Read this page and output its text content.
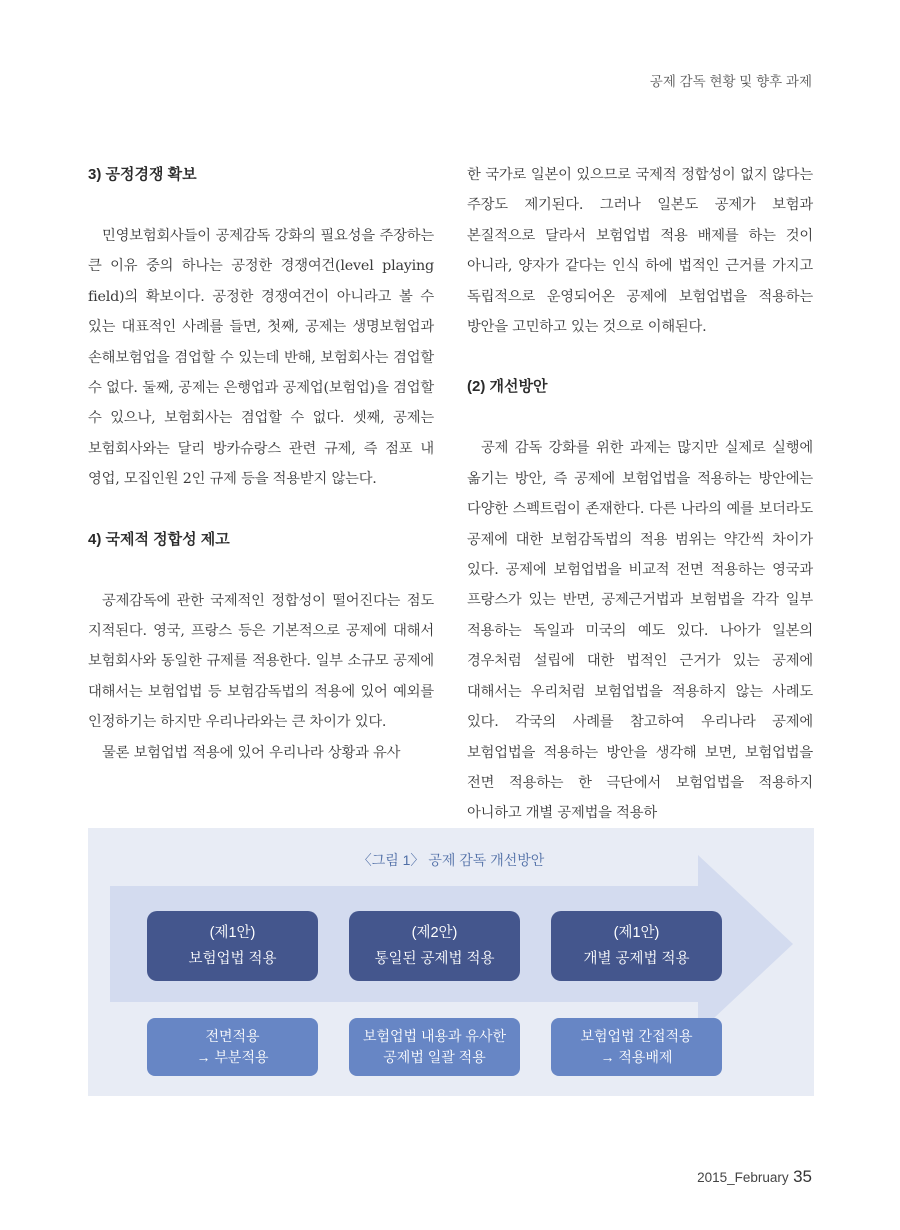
공제 감독 현황 및 향후 과제
3) 공정경쟁 확보

민영보험회사들이 공제감독 강화의 필요성을 주장하는 큰 이유 중의 하나는 공정한 경쟁여건(level playing field)의 확보이다. 공정한 경쟁여건이 아니라고 볼 수 있는 대표적인 사례를 들면, 첫째, 공제는 생명보험업과 손해보험업을 겸업할 수 있는데 반해, 보험회사는 겸업할 수 없다. 둘째, 공제는 은행업과 공제업(보험업)을 겸업할 수 있으나, 보험회사는 겸업할 수 없다. 셋째, 공제는 보험회사와는 달리 방카슈랑스 관련 규제, 즉 점포 내 영업, 모집인원 2인 규제 등을 적용받지 않는다.

4) 국제적 정합성 제고

공제감독에 관한 국제적인 정합성이 떨어진다는 점도 지적된다. 영국, 프랑스 등은 기본적으로 공제에 대해서 보험회사와 동일한 규제를 적용한다. 일부 소규모 공제에 대해서는 보험업법 등 보험감독법의 적용에 있어 예외를 인정하기는 하지만 우리나라와는 큰 차이가 있다.

물론 보험업법 적용에 있어 우리나라 상황과 유사

한 국가로 일본이 있으므로 국제적 정합성이 없지 않다는 주장도 제기된다. 그러나 일본도 공제가 보험과 본질적으로 달라서 보험업법 적용 배제를 하는 것이 아니라, 양자가 같다는 인식 하에 법적인 근거를 가지고 독립적으로 운영되어온 공제에 보험업법을 적용하는 방안을 고민하고 있는 것으로 이해된다.

(2) 개선방안

공제 감독 강화를 위한 과제는 많지만 실제로 실행에 옮기는 방안, 즉 공제에 보험업법을 적용하는 방안에는 다양한 스펙트럼이 존재한다. 다른 나라의 예를 보더라도 공제에 대한 보험감독법의 적용 범위는 약간씩 차이가 있다. 공제에 보험업법을 비교적 전면 적용하는 영국과 프랑스가 있는 반면, 공제근거법과 보험법을 각각 일부 적용하는 독일과 미국의 예도 있다. 나아가 일본의 경우처럼 설립에 대한 법적인 근거가 있는 공제에 대해서는 우리처럼 보험업법을 적용하지 않는 사례도 있다. 각국의 사례를 참고하여 우리나라 공제에 보험업법을 적용하는 방안을 생각해 보면, 보험업법을 전면 적용하는 한 극단에서 보험업법을 적용하지 아니하고 개별 공제법을 적용하

〈그림 1〉 공제 감독 개선방안
(제1안)
보험업법 적용
(제2안)
통일된 공제법 적용
(제1안)
개별 공제법 적용
전면적용
→ 부분적용
보험업법 내용과 유사한
공제법 일괄 적용
보험업법 간접적용
→ 적용배제
2015_February 35
